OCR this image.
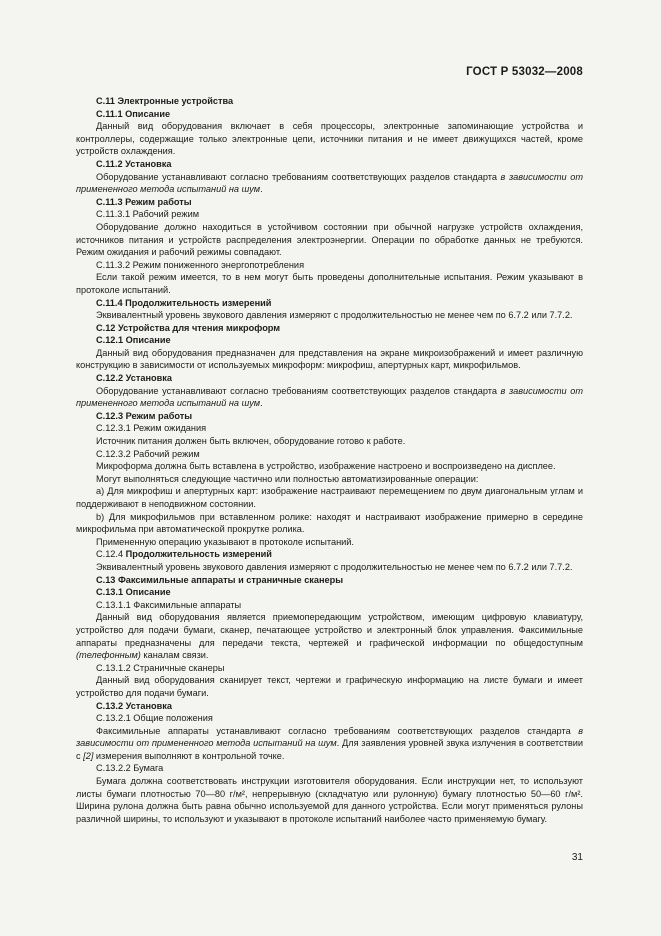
ГОСТ Р 53032—2008

С.11 Электронные устройства

С.11.1 Описание

Данный вид оборудования включает в себя процессоры, электронные запоминающие устройства и контроллеры, содержащие только электронные цепи, источники питания и не имеет движущихся частей, кроме устройств охлаждения.

С.11.2 Установка

Оборудование устанавливают согласно требованиям соответствующих разделов стандарта в зависимости от примененного метода испытаний на шум.

С.11.3 Режим работы

С.11.3.1 Рабочий режим

Оборудование должно находиться в устойчивом состоянии при обычной нагрузке устройств охлаждения, источников питания и устройств распределения электроэнергии. Операции по обработке данных не требуются. Режим ожидания и рабочий режимы совпадают.

С.11.3.2 Режим пониженного энергопотребления

Если такой режим имеется, то в нем могут быть проведены дополнительные испытания. Режим указывают в протоколе испытаний.

С.11.4 Продолжительность измерений

Эквивалентный уровень звукового давления измеряют с продолжительностью не менее чем по 6.7.2 или 7.7.2.

С.12 Устройства для чтения микроформ

С.12.1 Описание

Данный вид оборудования предназначен для представления на экране микроизображений и имеет различную конструкцию в зависимости от используемых микроформ: микрофиш, апертурных карт, микрофильмов.

С.12.2 Установка

Оборудование устанавливают согласно требованиям соответствующих разделов стандарта в зависимости от примененного метода испытаний на шум.

С.12.3 Режим работы

С.12.3.1 Режим ожидания

Источник питания должен быть включен, оборудование готово к работе.

С.12.3.2 Рабочий режим

Микроформа должна быть вставлена в устройство, изображение настроено и воспроизведено на дисплее.

Могут выполняться следующие частично или полностью автоматизированные операции:

а) Для микрофиш и апертурных карт: изображение настраивают перемещением по двум диагональным углам и поддерживают в неподвижном состоянии.

b) Для микрофильмов при вставленном ролике: находят и настраивают изображение примерно в середине микрофильма при автоматической прокрутке ролика.

Примененную операцию указывают в протоколе испытаний.

С.12.4 Продолжительность измерений

Эквивалентный уровень звукового давления измеряют с продолжительностью не менее чем по 6.7.2 или 7.7.2.

С.13 Факсимильные аппараты и страничные сканеры

С.13.1 Описание

С.13.1.1 Факсимильные аппараты

Данный вид оборудования является приемопередающим устройством, имеющим цифровую клавиатуру, устройство для подачи бумаги, сканер, печатающее устройство и электронный блок управления. Факсимильные аппараты предназначены для передачи текста, чертежей и графической информации по общедоступным (телефонным) каналам связи.

С.13.1.2 Страничные сканеры

Данный вид оборудования сканирует текст, чертежи и графическую информацию на листе бумаги и имеет устройство для подачи бумаги.

С.13.2 Установка

С.13.2.1 Общие положения

Факсимильные аппараты устанавливают согласно требованиям соответствующих разделов стандарта в зависимости от примененного метода испытаний на шум. Для заявления уровней звука излучения в соответствии с [2] измерения выполняют в контрольной точке.

С.13.2.2 Бумага

Бумага должна соответствовать инструкции изготовителя оборудования. Если инструкции нет, то используют листы бумаги плотностью 70—80 г/м², непрерывную (складчатую или рулонную) бумагу плотностью 50—60 г/м². Ширина рулона должна быть равна обычно используемой для данного устройства. Если могут применяться рулоны различной ширины, то используют и указывают в протоколе испытаний наиболее часто применяемую бумагу.

31
